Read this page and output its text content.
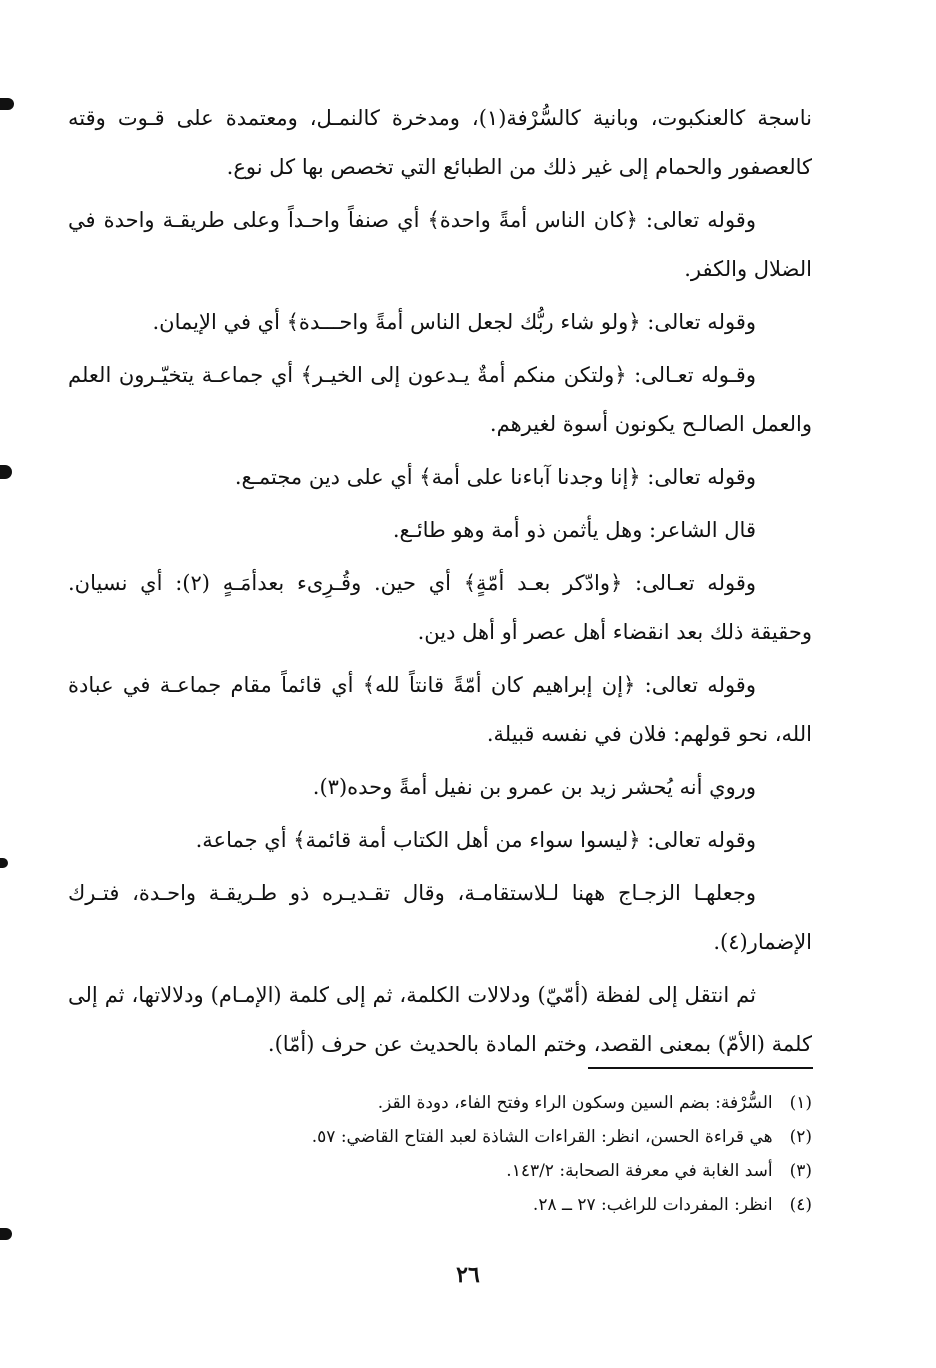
ناسجة كالعنكبوت، وبانية كالسُّرْفة(١)، ومدخرة كالنمـل، ومعتمدة على قـوت وقته كالعصفور والحمام إلى غير ذلك من الطبائع التي تخصص بها كل نوع.

وقوله تعالى: ﴿كان الناس أمةً واحدة﴾ أي صنفاً واحـداً وعلى طريقـة واحدة في الضلال والكفر.

وقوله تعالى: ﴿ولو شاء ربُّك لجعل الناس أمةً واحـــدة﴾ أي في الإيمان.

وقـوله تعـالى: ﴿ولتكن منكم أمةٌ يـدعون إلى الخيـر﴾ أي جماعـة يتخيّـرون العلم والعمل الصالـح يكونون أسوة لغيرهم.

وقوله تعالى: ﴿إنا وجدنا آباءنا على أمة﴾ أي على دين مجتمـع.

قال الشاعر: وهل يأثمن ذو أمة وهو طائـع.

وقوله تعـالى: ﴿وادّكر بعـد أمّةٍ﴾ أي حين. وقُـرِىء بعدأمَـهٍ (٢): أي نسيان. وحقيقة ذلك بعد انقضاء أهل عصر أو أهل دين.

وقوله تعالى: ﴿إن إبراهيم كان أمّةً قانتاً لله﴾ أي قائماً مقام جماعـة في عبادة الله، نحو قولهم: فلان في نفسه قبيلة.

وروي أنه يُحشر زيد بن عمرو بن نفيل أمةً وحده(٣).

وقوله تعالى: ﴿ليسوا سواء من أهل الكتاب أمة قائمة﴾ أي جماعة.

وجعلهـا الزجـاج ههنا لـلاستقامـة، وقال تقـديـره ذو طـريقـة واحـدة، فتـرك الإضمار(٤).

ثم انتقل إلى لفظة (أمّيّ) ودلالات الكلمة، ثم إلى كلمة (الإمـام) ودلالاتها، ثم إلى كلمة (الأمّ) بمعنى القصد، وختم المادة بالحديث عن حرف (أمّا).

(١) السُّرْفة: بضم السين وسكون الراء وفتح الفاء، دودة القز.
(٢) هي قراءة الحسن، انظر: القراءات الشاذة لعبد الفتاح القاضي: ٥٧.
(٣) أسد الغابة في معرفة الصحابة: ١٤٣/٢.
(٤) انظر: المفردات للراغب: ٢٧ ــ ٢٨.
٢٦
